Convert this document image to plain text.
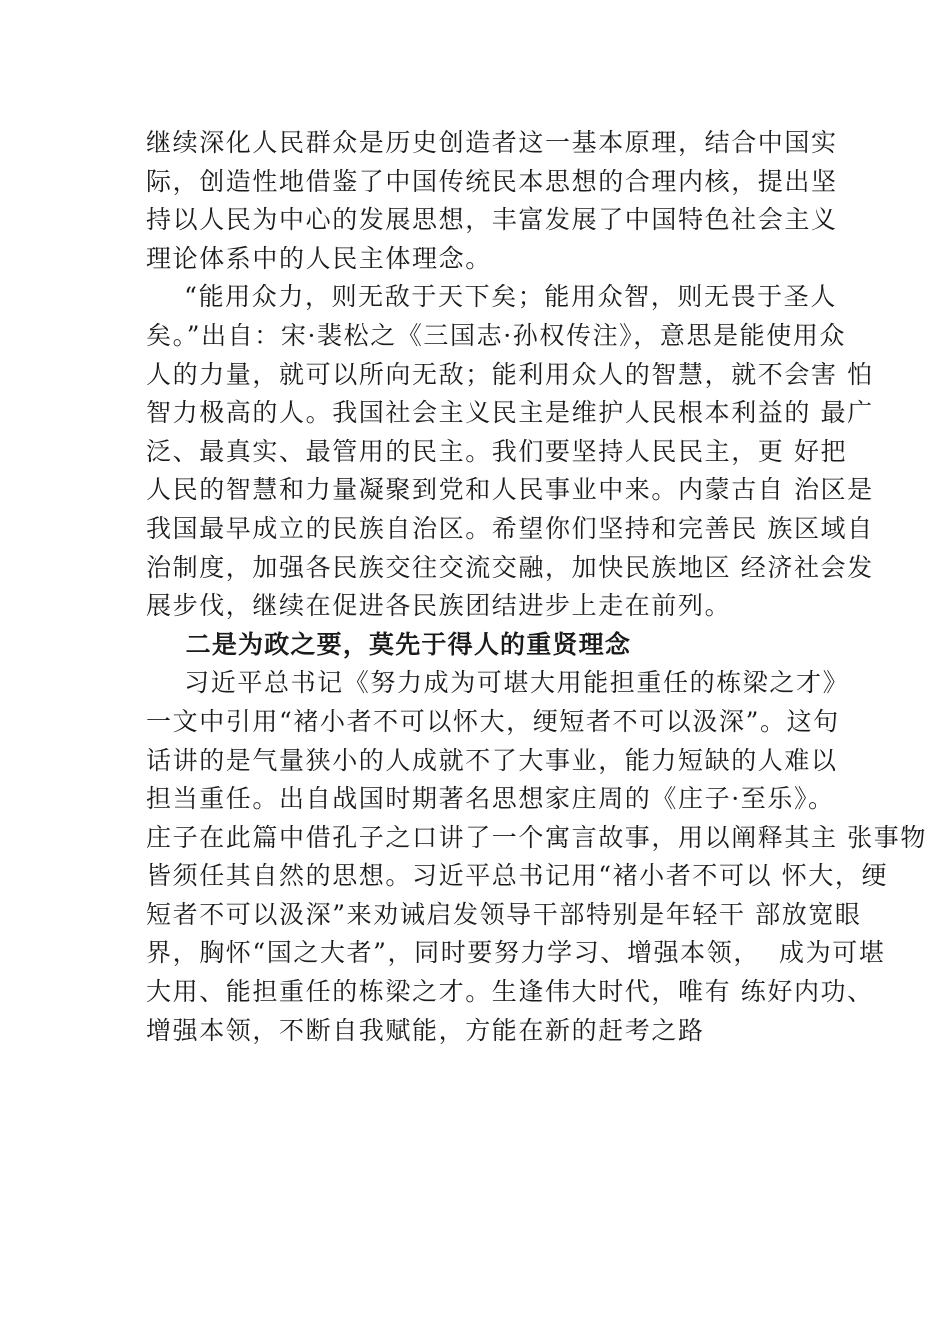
继续深化人民群众是历史创造者这一基本原理，结合中国实
际，创造性地借鉴了中国传统民本思想的合理内核，提出坚
持以人民为中心的发展思想，丰富发展了中国特色社会主义
理论体系中的人民主体理念。
“能用众力，则无敌于天下矣；能用众智，则无畏于圣人
矣。”出自：宋·裴松之《三国志·孙权传注》，意思是能使用众
人的力量，就可以所向无敌；能利用众人的智慧，就不会害 怕
智力极高的人。我国社会主义民主是维护人民根本利益的 最广
泛、最真实、最管用的民主。我们要坚持人民民主，更 好把
人民的智慧和力量凝聚到党和人民事业中来。内蒙古自 治区是
我国最早成立的民族自治区。希望你们坚持和完善民 族区域自
治制度，加强各民族交往交流交融，加快民族地区 经济社会发
展步伐，继续在促进各民族团结进步上走在前列。
二是为政之要，莫先于得人的重贤理念
习近平总书记《努力成为可堪大用能担重任的栋梁之才》
一文中引用“褚小者不可以怀大，绠短者不可以汲深”。这句
话讲的是气量狭小的人成就不了大事业，能力短缺的人难以
担当重任。出自战国时期著名思想家庄周的《庄子·至乐》。
庄子在此篇中借孔子之口讲了一个寓言故事，用以阐释其主 张事物
皆须任其自然的思想。习近平总书记用“褚小者不可以 怀大，绠
短者不可以汲深”来劝诫启发领导干部特别是年轻干 部放宽眼
界，胸怀“国之大者”，同时要努力学习、增强本领，  成为可堪
大用、能担重任的栋梁之才。生逢伟大时代，唯有 练好内功、
增强本领，不断自我赋能，方能在新的赶考之路
